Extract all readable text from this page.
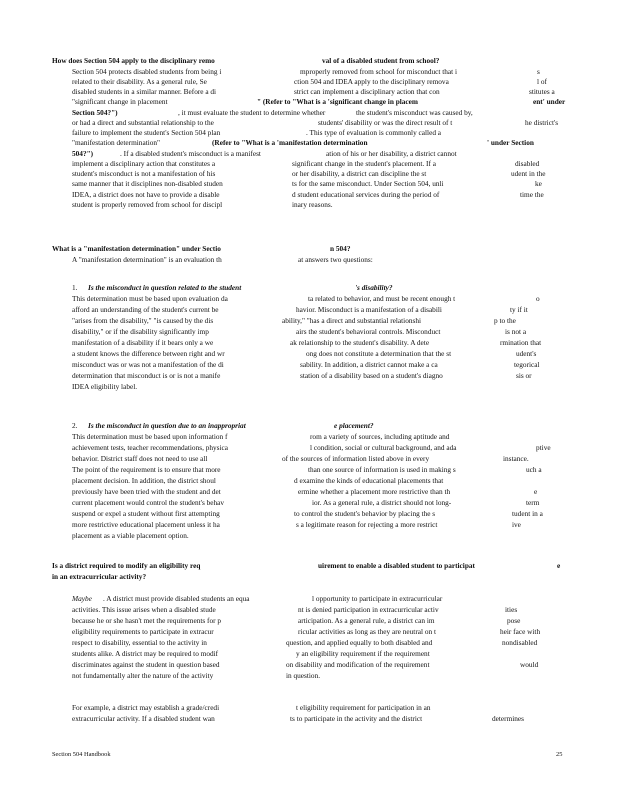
How does Section 504 apply to the disciplinary remo	val of a disabled student from school?
Section 504 protects disabled students from being i	mproperly removed from school for misconduct that i	s
related to their disability. As a general rule, Se	ction 504 and IDEA apply to the disciplinary remova	l of
disabled students in a similar manner. Before a di	strict can implement a disciplinary action that con	stitutes a
"significant change in placement	" (Refer to "What is a 'significant change in placem	ent' under
Section 504?")	, it must evaluate the student to determine whether	the student's misconduct was caused by,
or had a direct and substantial relationship to the	students' disability or was the direct result of t	he district's
failure to implement the student's Section 504 plan	. This type of evaluation is commonly called a
"manifestation determination"	(Refer to "What is a 'manifestation determination	' under Section
504?")	. If a disabled student's misconduct is a manifest	ation of his or her disability, a district cannot
implement a disciplinary action that constitutes a	significant change in the student's placement. If a	disabled
student's misconduct is not a manifestation of his	or her disability, a district can discipline the st	udent in the
same manner that it disciplines non-disabled studen	ts for the same misconduct. Under Section 504, unli	ke
IDEA, a district does not have to provide a disable	d student educational services during the period of	time the
student is properly removed from school for discipl	inary reasons.
What is a "manifestation determination" under Sectio	n 504?
A "manifestation determination" is an evaluation th	at answers two questions:
1. Is the misconduct in question related to the student	's disability?
This determination must be based upon evaluation da	ta related to behavior, and must be recent enough t	o
afford an understanding of the student's current be	havior. Misconduct is a manifestation of a disabili	ty if it
"arises from the disability," "is caused by the dis	ability," "has a direct and substantial relationshi	p to the
disability," or if the disability significantly imp	airs the student's behavioral controls. Misconduct	is not a
manifestation of a disability if it bears only a we	ak relationship to the student's disability. A dete	rmination that
a student knows the difference between right and wr	ong does not constitute a determination that the st	udent's
misconduct was or was not a manifestation of the di	sability. In addition, a district cannot make a ca	tegorical
determination that misconduct is or is not a manife	station of a disability based on a student's diagno	sis or
IDEA eligibility label.
2. Is the misconduct in question due to an inappropriat	e placement?
This determination must be based upon information f	rom a variety of sources, including aptitude and
achievement tests, teacher recommendations, physica	l condition, social or cultural background, and ada	ptive
behavior. District staff does not need to use all	of the sources of information listed above in every	instance.
The point of the requirement is to ensure that more	than one source of information is used in making s	uch a
placement decision. In addition, the district shoul	d examine the kinds of educational placements that
previously have been tried with the student and det	ermine whether a placement more restrictive than th	e
current placement would control the student's behav	ior. As a general rule, a district should not long-	term
suspend or expel a student without first attempting	to control the student's behavior by placing the s	tudent in a
more restrictive educational placement unless it ha	s a legitimate reason for rejecting a more restrict	ive
placement as a viable placement option.
Is a district required to modify an eligibility req	uirement to enable a disabled student to participat	e
in an extracurricular activity?
Maybe . A district must provide disabled students an equa	l opportunity to participate in extracurricular
activities. This issue arises when a disabled stude	nt is denied participation in extracurricular activ	ities
because he or she hasn't met the requirements for p	articipation. As a general rule, a district can im	pose
eligibility requirements to participate in extracur	ricular activities as long as they are neutral on t	heir face with
respect to disability, essential to the activity in	question, and applied equally to both disabled and	nondisabled
students alike. A district may be required to modif	y an eligibility requirement if the requirement
discriminates against the student in question based	on disability and modification of the requirement	would
not fundamentally alter the nature of the activity	in question.
For example, a district may establish a grade/credi	t eligibility requirement for participation in an
extracurricular activity. If a disabled student wan	ts to participate in the activity and the district	determines
Section 504 Handbook	25
